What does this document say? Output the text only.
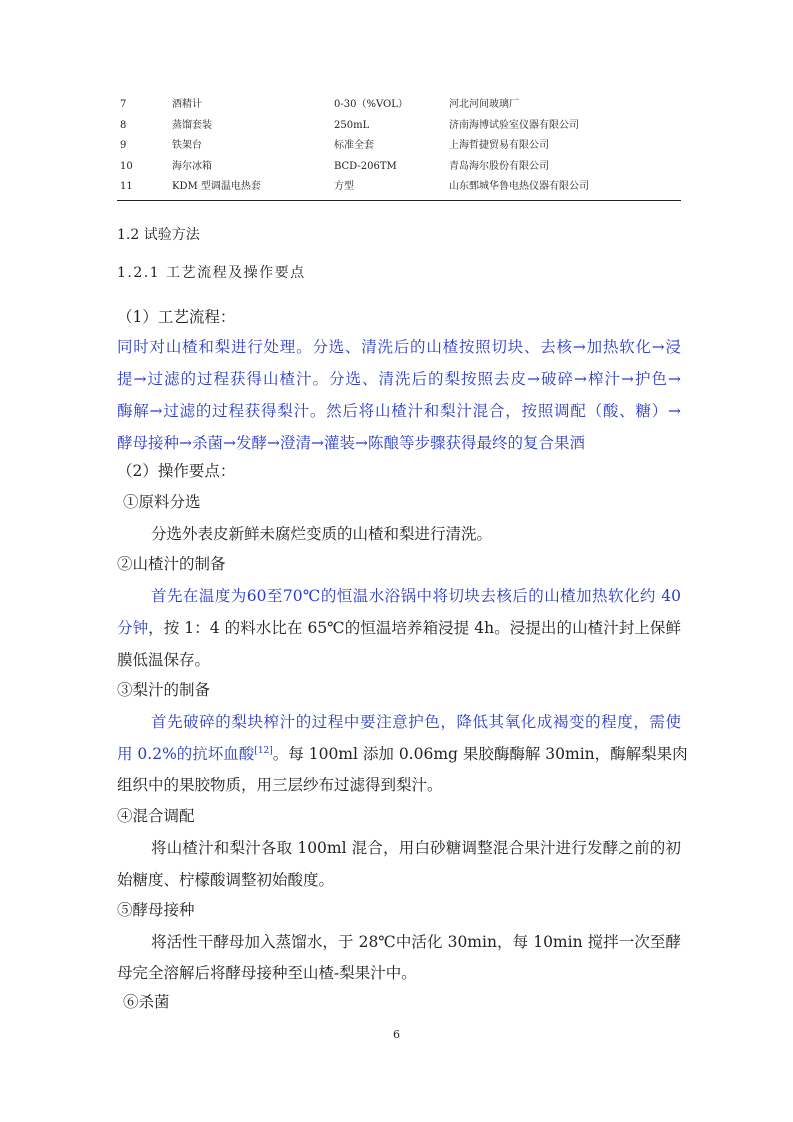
7	酒精计	0-30（%VOL）	河北河间玻璃厂
8	蒸馏套装	250mL	济南海博试验室仪器有限公司
9	铁架台	标准全套	上海哲捷贸易有限公司
10	海尔冰箱	BCD-206TM	青岛海尔股份有限公司
11	KDM 型调温电热套	方型	山东鄄城华鲁电热仪器有限公司
1.2 试验方法
1.2.1 工艺流程及操作要点
（1）工艺流程：
同时对山楂和梨进行处理。分选、清洗后的山楂按照切块、去核→加热软化→浸
提→过滤的过程获得山楂汁。分选、清洗后的梨按照去皮→破碎→榨汁→护色→
酶解→过滤的过程获得梨汁。然后将山楂汁和梨汁混合，按照调配（酸、糖）→
酵母接种→杀菌→发酵→澄清→灌装→陈酿等步骤获得最终的复合果酒
（2）操作要点：
①原料分选
分选外表皮新鲜未腐烂变质的山楂和梨进行清洗。
②山楂汁的制备
首先在温度为60至70℃的恒温水浴锅中将切块去核后的山楂加热软化约 40
分钟，按 1：4 的料水比在 65℃的恒温培养箱浸提 4h。浸提出的山楂汁封上保鲜
膜低温保存。
③梨汁的制备
首先破碎的梨块榨汁的过程中要注意护色，降低其氧化成褐变的程度，需使
用 0.2%的抗坏血酸[12]。每 100ml 添加 0.06mg 果胶酶酶解 30min，酶解梨果肉
组织中的果胶物质，用三层纱布过滤得到梨汁。
④混合调配
将山楂汁和梨汁各取 100ml 混合，用白砂糖调整混合果汁进行发酵之前的初
始糖度、柠檬酸调整初始酸度。
⑤酵母接种
将活性干酵母加入蒸馏水，于 28℃中活化 30min，每 10min 搅拌一次至酵
母完全溶解后将酵母接种至山楂-梨果汁中。
⑥杀菌
6
